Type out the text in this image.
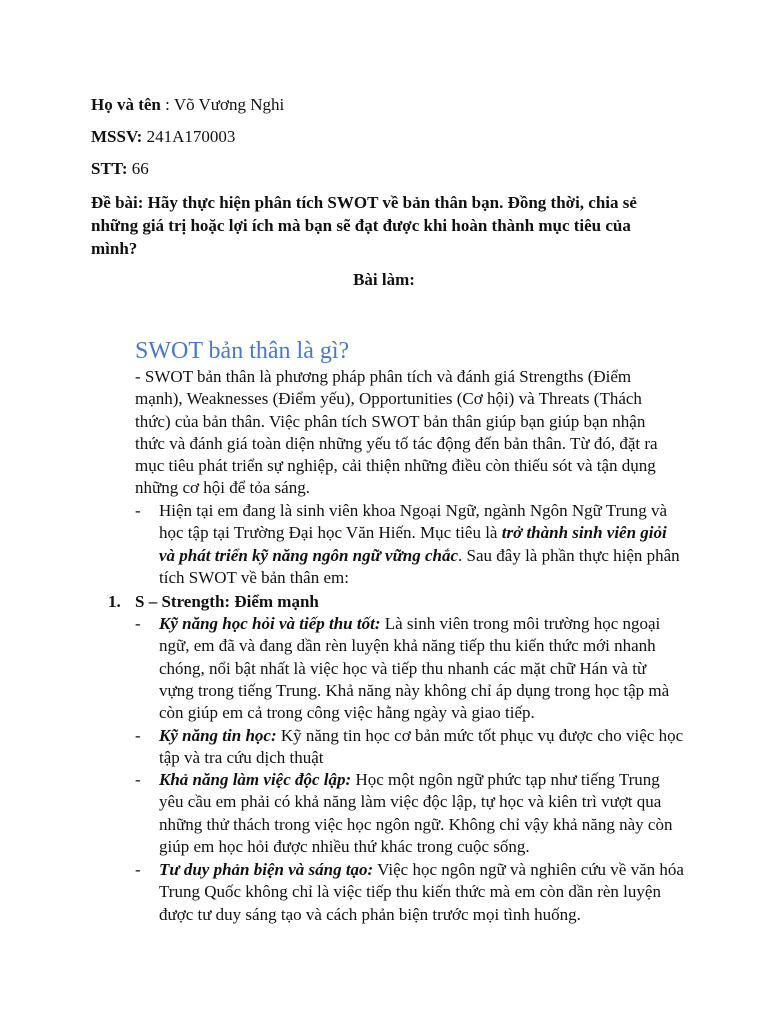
Họ và tên : Võ Vương Nghi
MSSV: 241A170003
STT: 66
Đề bài: Hãy thực hiện phân tích SWOT về bản thân bạn. Đồng thời, chia sẻ những giá trị hoặc lợi ích mà bạn sẽ đạt được khi hoàn thành mục tiêu của mình?
Bài làm:
SWOT bản thân là gì?
- SWOT bản thân là phương pháp phân tích và đánh giá Strengths (Điểm mạnh), Weaknesses (Điểm yếu), Opportunities (Cơ hội) và Threats (Thách thức) của bản thân. Việc phân tích SWOT bản thân giúp bạn giúp bạn nhận thức và đánh giá toàn diện những yếu tố tác động đến bản thân. Từ đó, đặt ra mục tiêu phát triển sự nghiệp, cải thiện những điều còn thiếu sót và tận dụng những cơ hội để tỏa sáng.
- Hiện tại em đang là sinh viên khoa Ngoại Ngữ, ngành Ngôn Ngữ Trung và học tập tại Trường Đại học Văn Hiến. Mục tiêu là trở thành sinh viên giỏi và phát triển kỹ năng ngôn ngữ vững chắc. Sau đây là phần thực hiện phân tích SWOT về bản thân em:
1. S – Strength: Điểm mạnh
- Kỹ năng học hỏi và tiếp thu tốt: Là sinh viên trong môi trường học ngoại ngữ, em đã và đang dần rèn luyện khả năng tiếp thu kiến thức mới nhanh chóng, nổi bật nhất là việc học và tiếp thu nhanh các mặt chữ Hán và từ vựng trong tiếng Trung. Khả năng này không chỉ áp dụng trong học tập mà còn giúp em cả trong công việc hằng ngày và giao tiếp.
- Kỹ năng tin học: Kỹ năng tin học cơ bản mức tốt phục vụ được cho việc học tập và tra cứu dịch thuật
- Khả năng làm việc độc lập: Học một ngôn ngữ phức tạp như tiếng Trung yêu cầu em phải có khả năng làm việc độc lập, tự học và kiên trì vượt qua những thử thách trong việc học ngôn ngữ. Không chỉ vậy khả năng này còn giúp em học hỏi được nhiều thứ khác trong cuộc sống.
- Tư duy phản biện và sáng tạo: Việc học ngôn ngữ và nghiên cứu về văn hóa Trung Quốc không chỉ là việc tiếp thu kiến thức mà em còn dần rèn luyện được tư duy sáng tạo và cách phản biện trước mọi tình huống.
